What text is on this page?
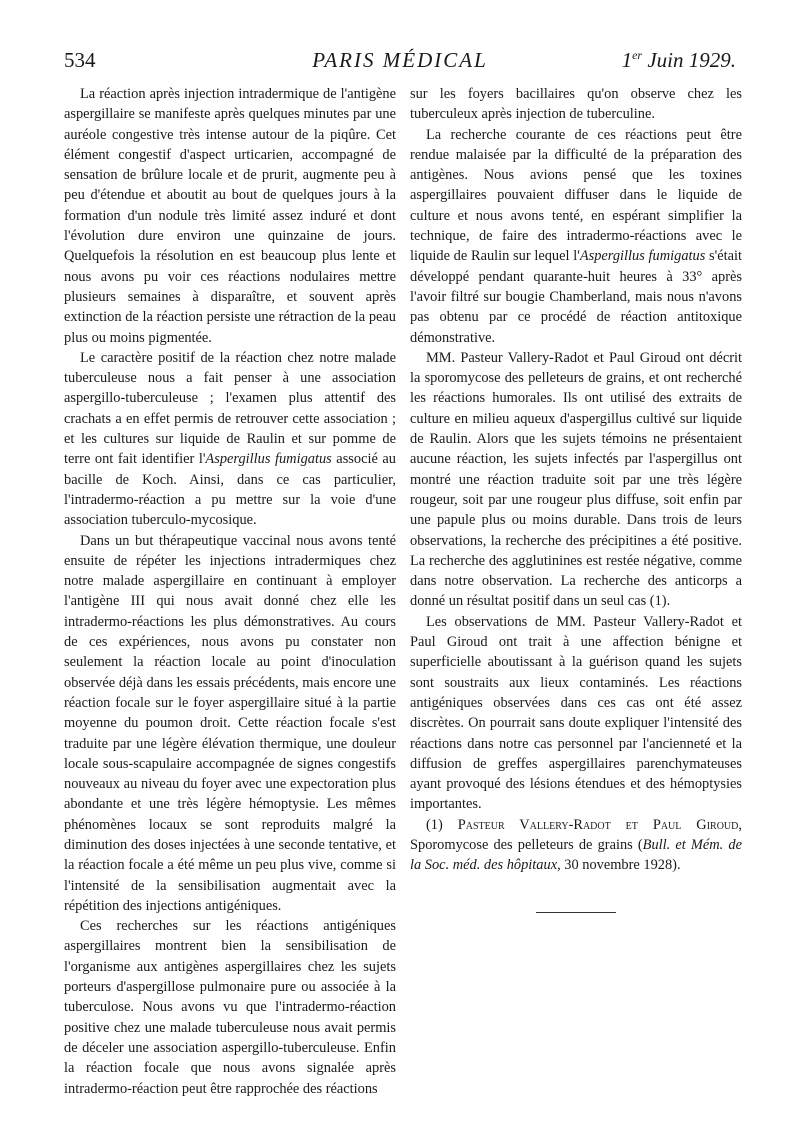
534	PARIS MÉDICAL	1er Juin 1929.

La réaction après injection intradermique de l'antigène aspergillaire se manifeste après quelques minutes par une auréole congestive très intense autour de la piqûre. Cet élément congestif d'aspect urticarien, accompagné de sensation de brûlure locale et de prurit, augmente peu à peu d'étendue et aboutit au bout de quelques jours à la formation d'un nodule très limité assez induré et dont l'évolution dure environ une quinzaine de jours. Quelquefois la résolution en est beaucoup plus lente et nous avons pu voir ces réactions nodulaires mettre plusieurs semaines à disparaître, et souvent après extinction de la réaction persiste une rétraction de la peau plus ou moins pigmentée.

Le caractère positif de la réaction chez notre malade tuberculeuse nous a fait penser à une association aspergillo-tuberculeuse ; l'examen plus attentif des crachats a en effet permis de retrouver cette association ; et les cultures sur liquide de Raulin et sur pomme de terre ont fait identifier l'Aspergillus fumigatus associé au bacille de Koch. Ainsi, dans ce cas particulier, l'intradermo-réaction a pu mettre sur la voie d'une association tuberculo-mycosique.

Dans un but thérapeutique vaccinal nous avons tenté ensuite de répéter les injections intradermiques chez notre malade aspergillaire en continuant à employer l'antigène III qui nous avait donné chez elle les intradermo-réactions les plus démonstratives. Au cours de ces expériences, nous avons pu constater non seulement la réaction locale au point d'inoculation observée déjà dans les essais précédents, mais encore une réaction focale sur le foyer aspergillaire situé à la partie moyenne du poumon droit. Cette réaction focale s'est traduite par une légère élévation thermique, une douleur locale sous-scapulaire accompagnée de signes congestifs nouveaux au niveau du foyer avec une expectoration plus abondante et une très légère hémoptysie. Les mêmes phénomènes locaux se sont reproduits malgré la diminution des doses injectées à une seconde tentative, et la réaction focale a été même un peu plus vive, comme si l'intensité de la sensibilisation augmentait avec la répétition des injections antigéniques.

Ces recherches sur les réactions antigéniques aspergillaires montrent bien la sensibilisation de l'organisme aux antigènes aspergillaires chez les sujets porteurs d'aspergillose pulmonaire pure ou associée à la tuberculose. Nous avons vu que l'intradermo-réaction positive chez une malade tuberculeuse nous avait permis de déceler une association aspergillo-tuberculeuse. Enfin la réaction focale que nous avons signalée après intradermo-réaction peut être rapprochée des réactions

sur les foyers bacillaires qu'on observe chez les tuberculeux après injection de tuberculine.

La recherche courante de ces réactions peut être rendue malaisée par la difficulté de la préparation des antigènes. Nous avions pensé que les toxines aspergillaires pouvaient diffuser dans le liquide de culture et nous avons tenté, en espérant simplifier la technique, de faire des intradermo-réactions avec le liquide de Raulin sur lequel l'Aspergillus fumigatus s'était développé pendant quarante-huit heures à 33° après l'avoir filtré sur bougie Chamberland, mais nous n'avons pas obtenu par ce procédé de réaction antitoxique démonstrative.

MM. Pasteur Vallery-Radot et Paul Giroud ont décrit la sporomycose des pelleteurs de grains, et ont recherché les réactions humorales. Ils ont utilisé des extraits de culture en milieu aqueux d'aspergillus cultivé sur liquide de Raulin. Alors que les sujets témoins ne présentaient aucune réaction, les sujets infectés par l'aspergillus ont montré une réaction traduite soit par une très légère rougeur, soit par une rougeur plus diffuse, soit enfin par une papule plus ou moins durable. Dans trois de leurs observations, la recherche des précipitines a été positive. La recherche des agglutinines est restée négative, comme dans notre observation. La recherche des anticorps a donné un résultat positif dans un seul cas (1).

Les observations de MM. Pasteur Vallery-Radot et Paul Giroud ont trait à une affection bénigne et superficielle aboutissant à la guérison quand les sujets sont soustraits aux lieux contaminés. Les réactions antigéniques observées dans ces cas ont été assez discrètes. On pourrait sans doute expliquer l'intensité des réactions dans notre cas personnel par l'ancienneté et la diffusion de greffes aspergillaires parenchymateuses ayant provoqué des lésions étendues et des hémoptysies importantes.

(1) Pasteur Vallery-Radot et Paul Giroud, Sporomycose des pelleteurs de grains (Bull. et Mém. de la Soc. méd. des hôpitaux, 30 novembre 1928).
